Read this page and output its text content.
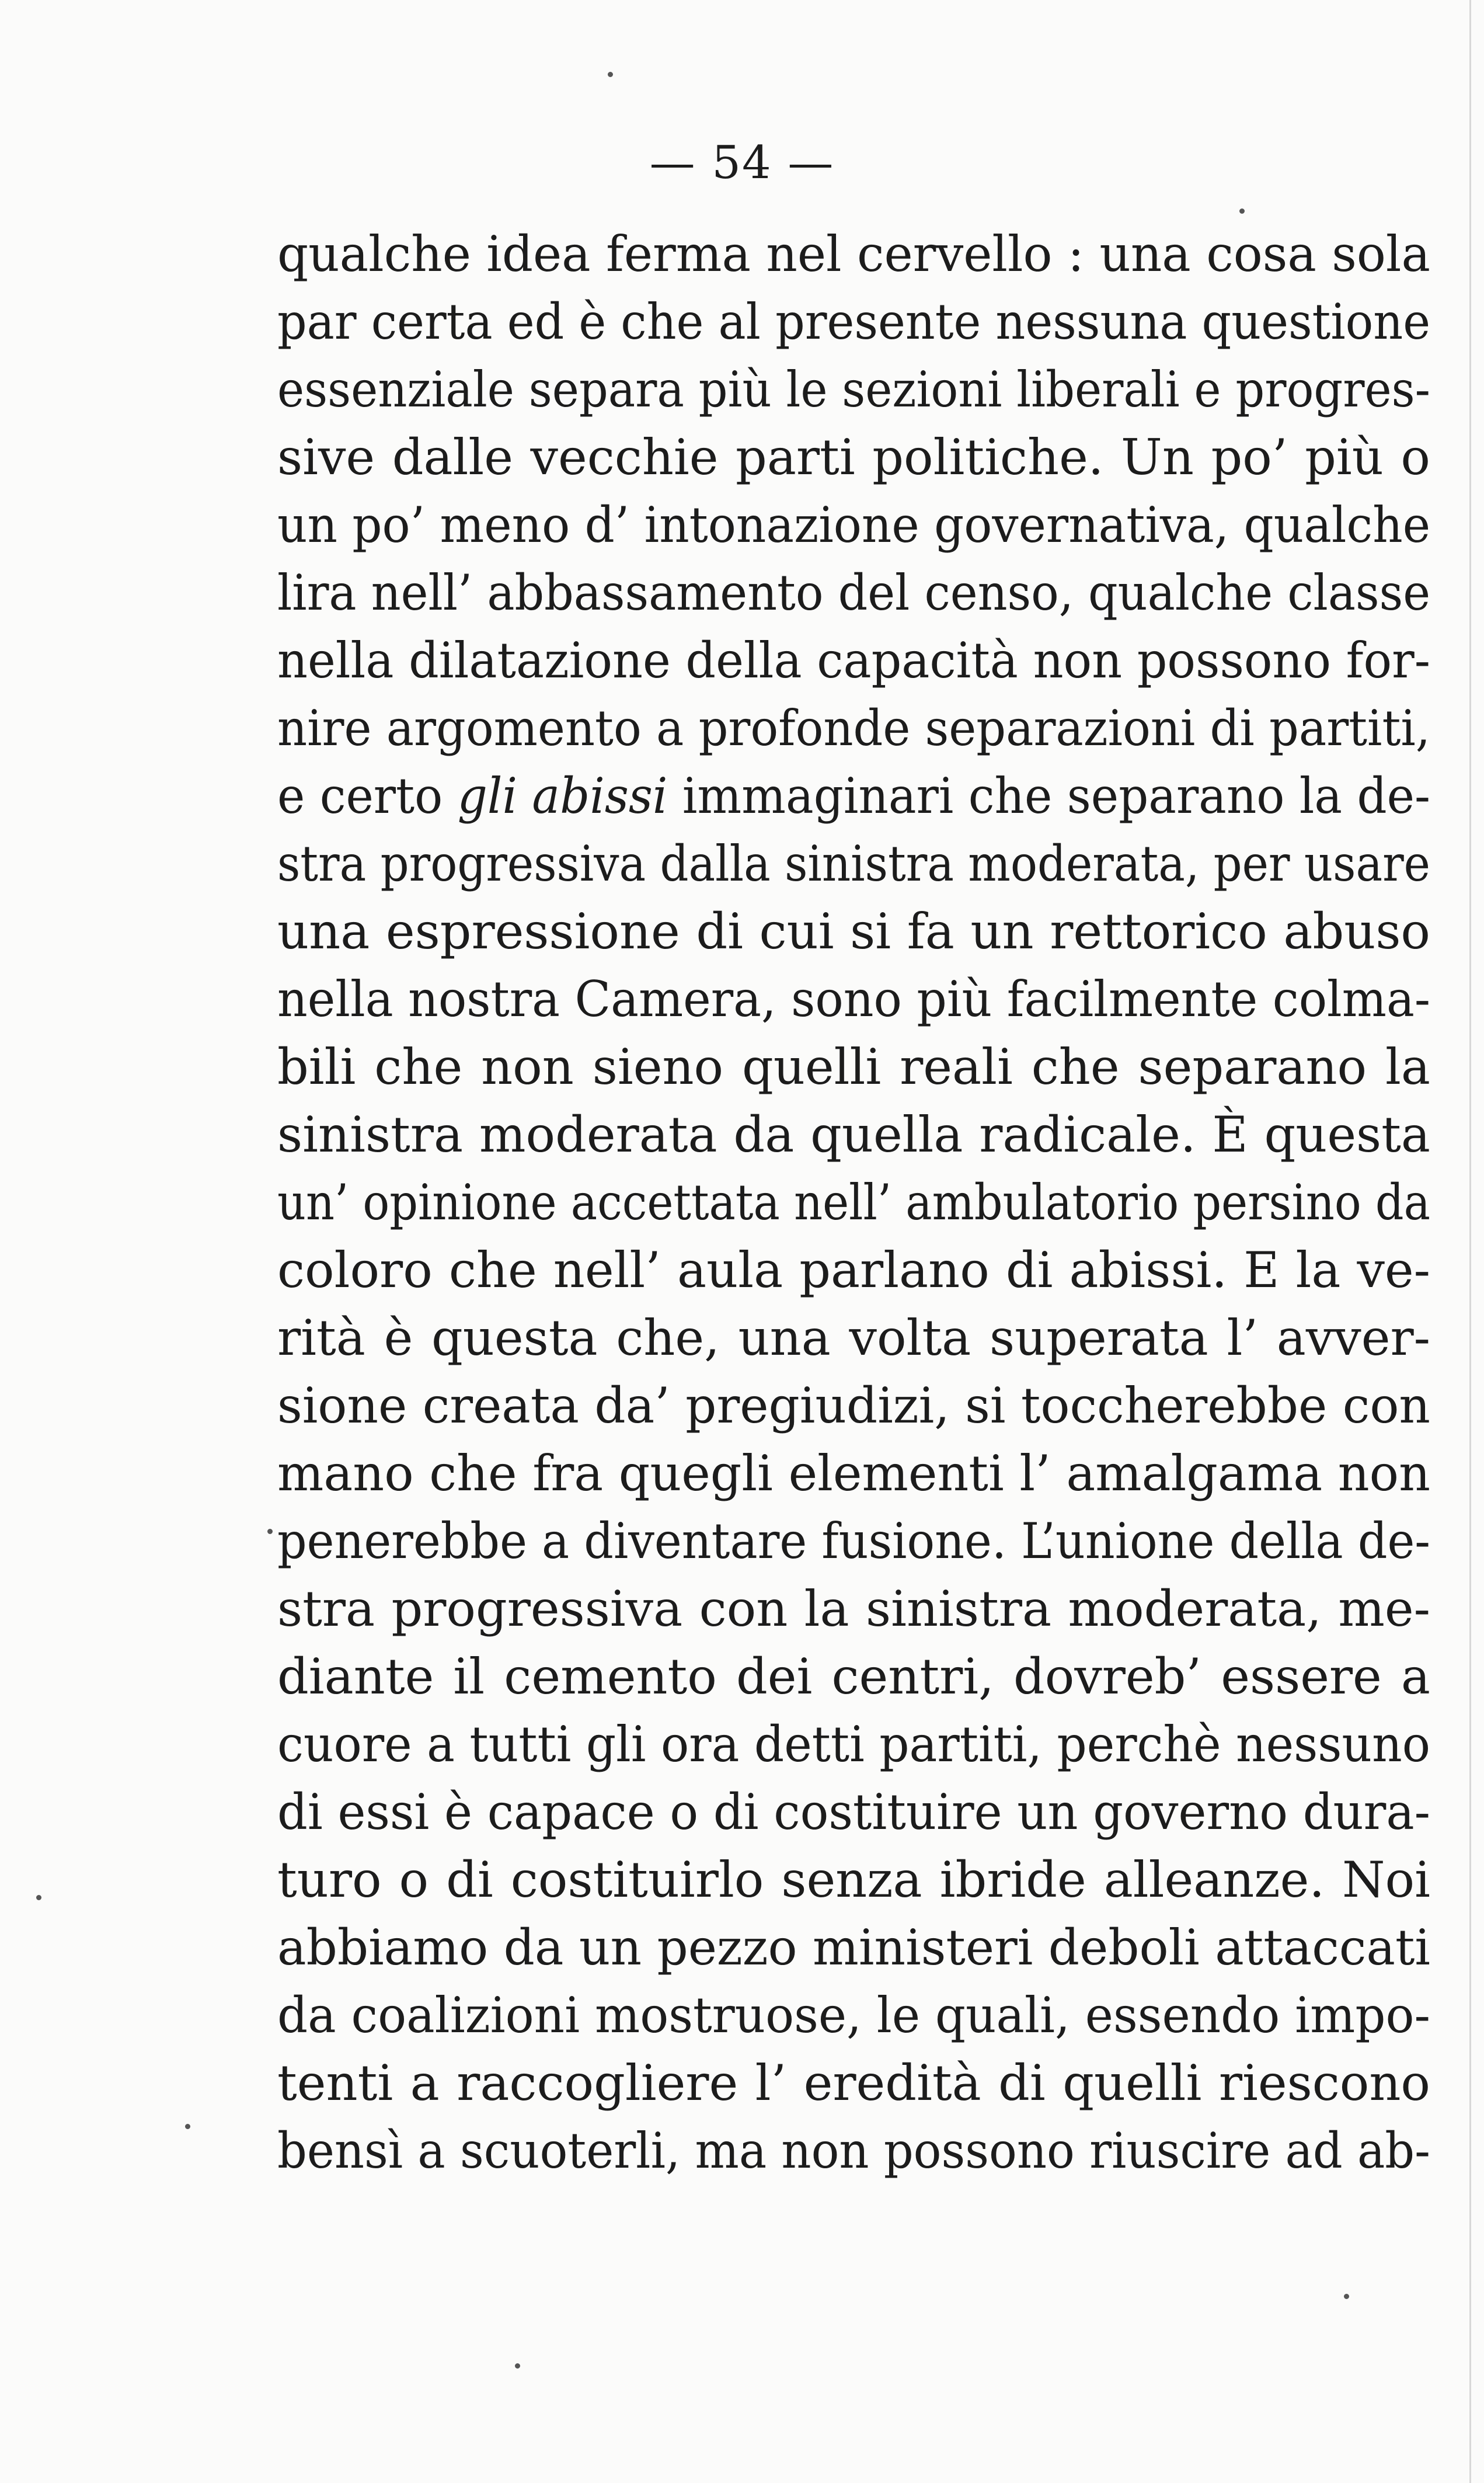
— 54 —
qualche idea ferma nel cervello : una cosa sola
par certa ed è che al presente nessuna questione
essenziale separa più le sezioni liberali e progres-
sive dalle vecchie parti politiche. Un po’ più o
un po’ meno d’ intonazione governativa, qualche
lira nell’ abbassamento del censo, qualche classe
nella dilatazione della capacità non possono for-
nire argomento a profonde separazioni di partiti,
e certo gli abissi immaginari che separano la de-
stra progressiva dalla sinistra moderata, per usare
una espressione di cui si fa un rettorico abuso
nella nostra Camera, sono più facilmente colma-
bili che non sieno quelli reali che separano la
sinistra moderata da quella radicale. È questa
un’ opinione accettata nell’ ambulatorio persino da
coloro che nell’ aula parlano di abissi. E la ve-
rità è questa che, una volta superata l’ avver-
sione creata da’ pregiudizi, si toccherebbe con
mano che fra quegli elementi l’ amalgama non
penerebbe a diventare fusione. L’unione della de-
stra progressiva con la sinistra moderata, me-
diante il cemento dei centri, dovreb’ essere a
cuore a tutti gli ora detti partiti, perchè nessuno
di essi è capace o di costituire un governo dura-
turo o di costituirlo senza ibride alleanze. Noi
abbiamo da un pezzo ministeri deboli attaccati
da coalizioni mostruose, le quali, essendo impo-
tenti a raccogliere l’ eredità di quelli riescono
bensì a scuoterli, ma non possono riuscire ad ab-
